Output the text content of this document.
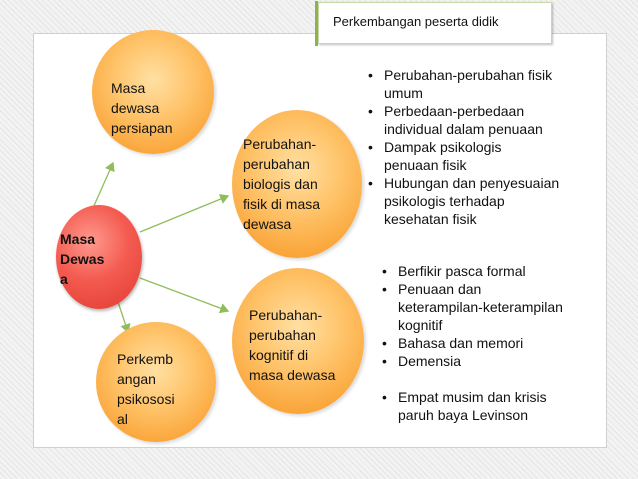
Perkembangan peserta didik
Masa
dewasa
persiapan
Perubahan-
perubahan
biologis dan
fisik di masa
dewasa
Masa
Dewas
a
Perubahan-
perubahan
kognitif di
masa dewasa
Perkemb
angan
psikososi
al
• Perubahan-perubahan fisik
umum
• Perbedaan-perbedaan
individual dalam penuaan
• Dampak psikologis
penuaan fisik
• Hubungan dan penyesuaian
psikologis terhadap
kesehatan fisik
• Berfikir pasca formal
• Penuaan dan
keterampilan-keterampilan
kognitif
• Bahasa dan memori
• Demensia
• Empat musim dan krisis
paruh baya Levinson
